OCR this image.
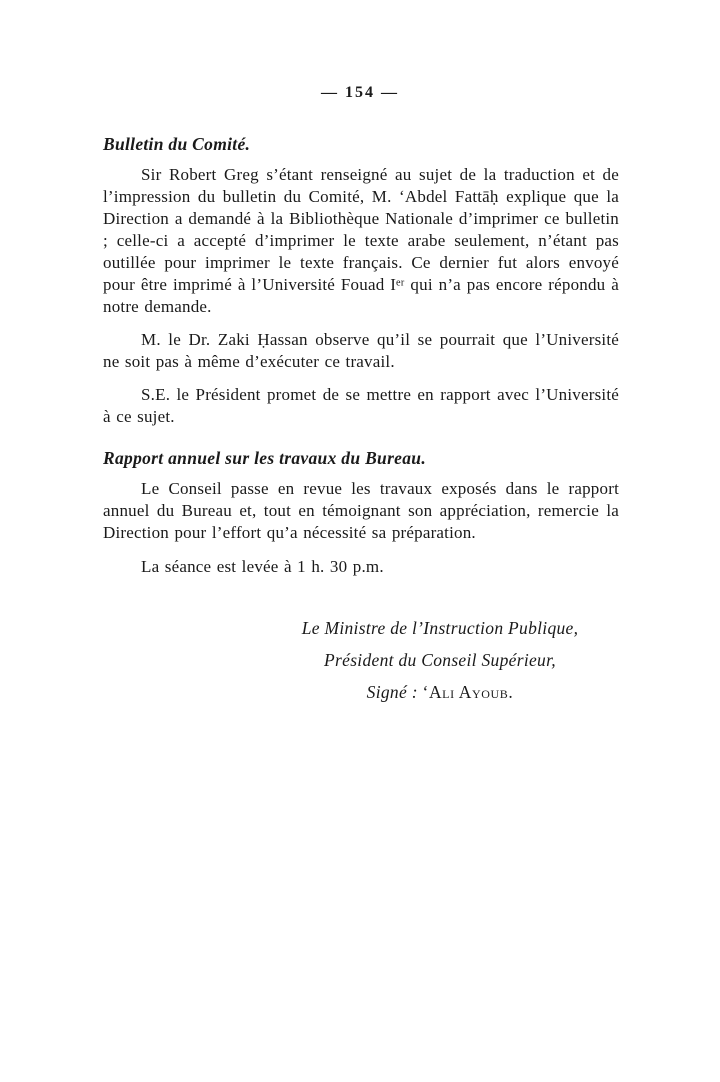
— 154 —
Bulletin du Comité.

Sir Robert Greg s’étant renseigné au sujet de la traduction et de l’impression du bulletin du Comité, M. ‘Abdel Fattāḥ explique que la Direction a demandé à la Bibliothèque Nationale d’imprimer ce bulletin ; celle-ci a accepté d’imprimer le texte arabe seulement, n’étant pas outillée pour imprimer le texte français. Ce dernier fut alors envoyé pour être imprimé à l’Université Fouad Iᵉʳ qui n’a pas encore répondu à notre demande.

M. le Dr. Zaki Ḥassan observe qu’il se pourrait que l’Université ne soit pas à même d’exécuter ce travail.

S.E. le Président promet de se mettre en rapport avec l’Université à ce sujet.

Rapport annuel sur les travaux du Bureau.

Le Conseil passe en revue les travaux exposés dans le rapport annuel du Bureau et, tout en témoignant son appréciation, remercie la Direction pour l’effort qu’a nécessité sa préparation.

La séance est levée à 1 h. 30 p.m.

Le Ministre de l’Instruction Publique,
Président du Conseil Supérieur,
Signé : ‘Ali Ayoub.
